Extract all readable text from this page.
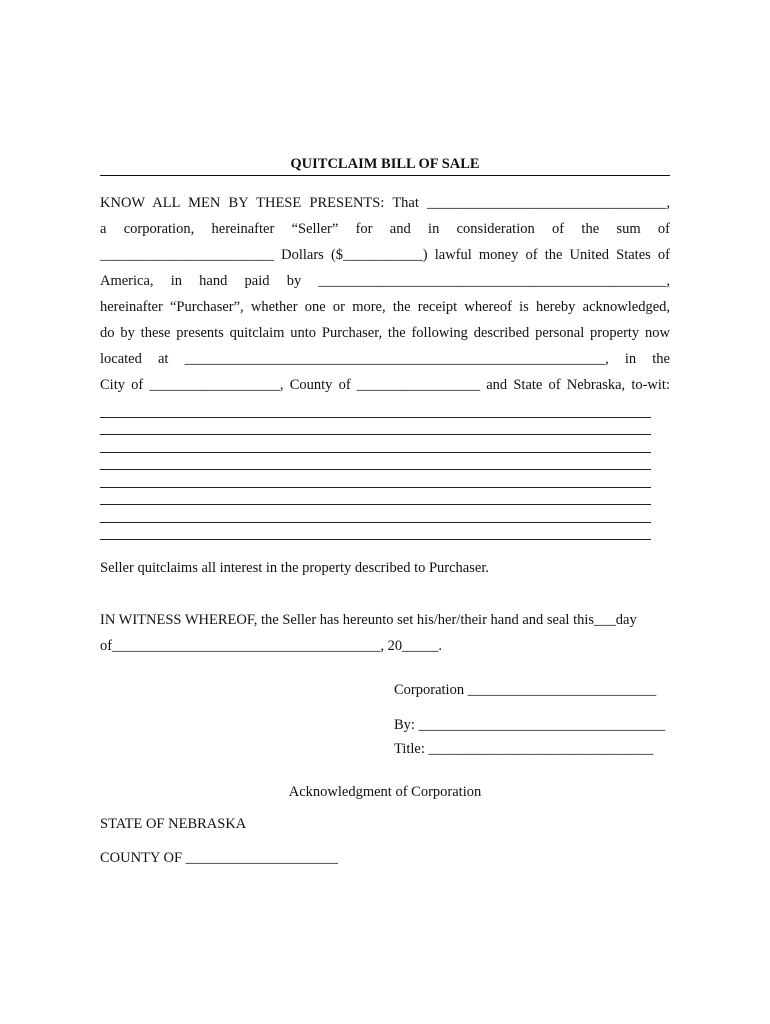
QUITCLAIM BILL OF SALE
KNOW ALL MEN BY THESE PRESENTS: That _________________________________,
a corporation, hereinafter “Seller” for and in consideration of the sum of
________________________ Dollars ($___________) lawful money of the United States of
America, in hand paid by ________________________________________________,
hereinafter “Purchaser”, whether one or more, the receipt whereof is hereby acknowledged,
do by these presents quitclaim unto Purchaser, the following described personal property now
located at __________________________________________________________, in the
City of __________________, County of _________________ and State of Nebraska, to-wit:
Seller quitclaims all interest in the property described to Purchaser.
IN WITNESS WHEREOF, the Seller has hereunto set his/her/their hand and seal this___day
of_____________________________________, 20_____.
Corporation __________________________
By: __________________________________
Title: _______________________________
Acknowledgment of Corporation
STATE OF NEBRASKA
COUNTY OF _____________________
